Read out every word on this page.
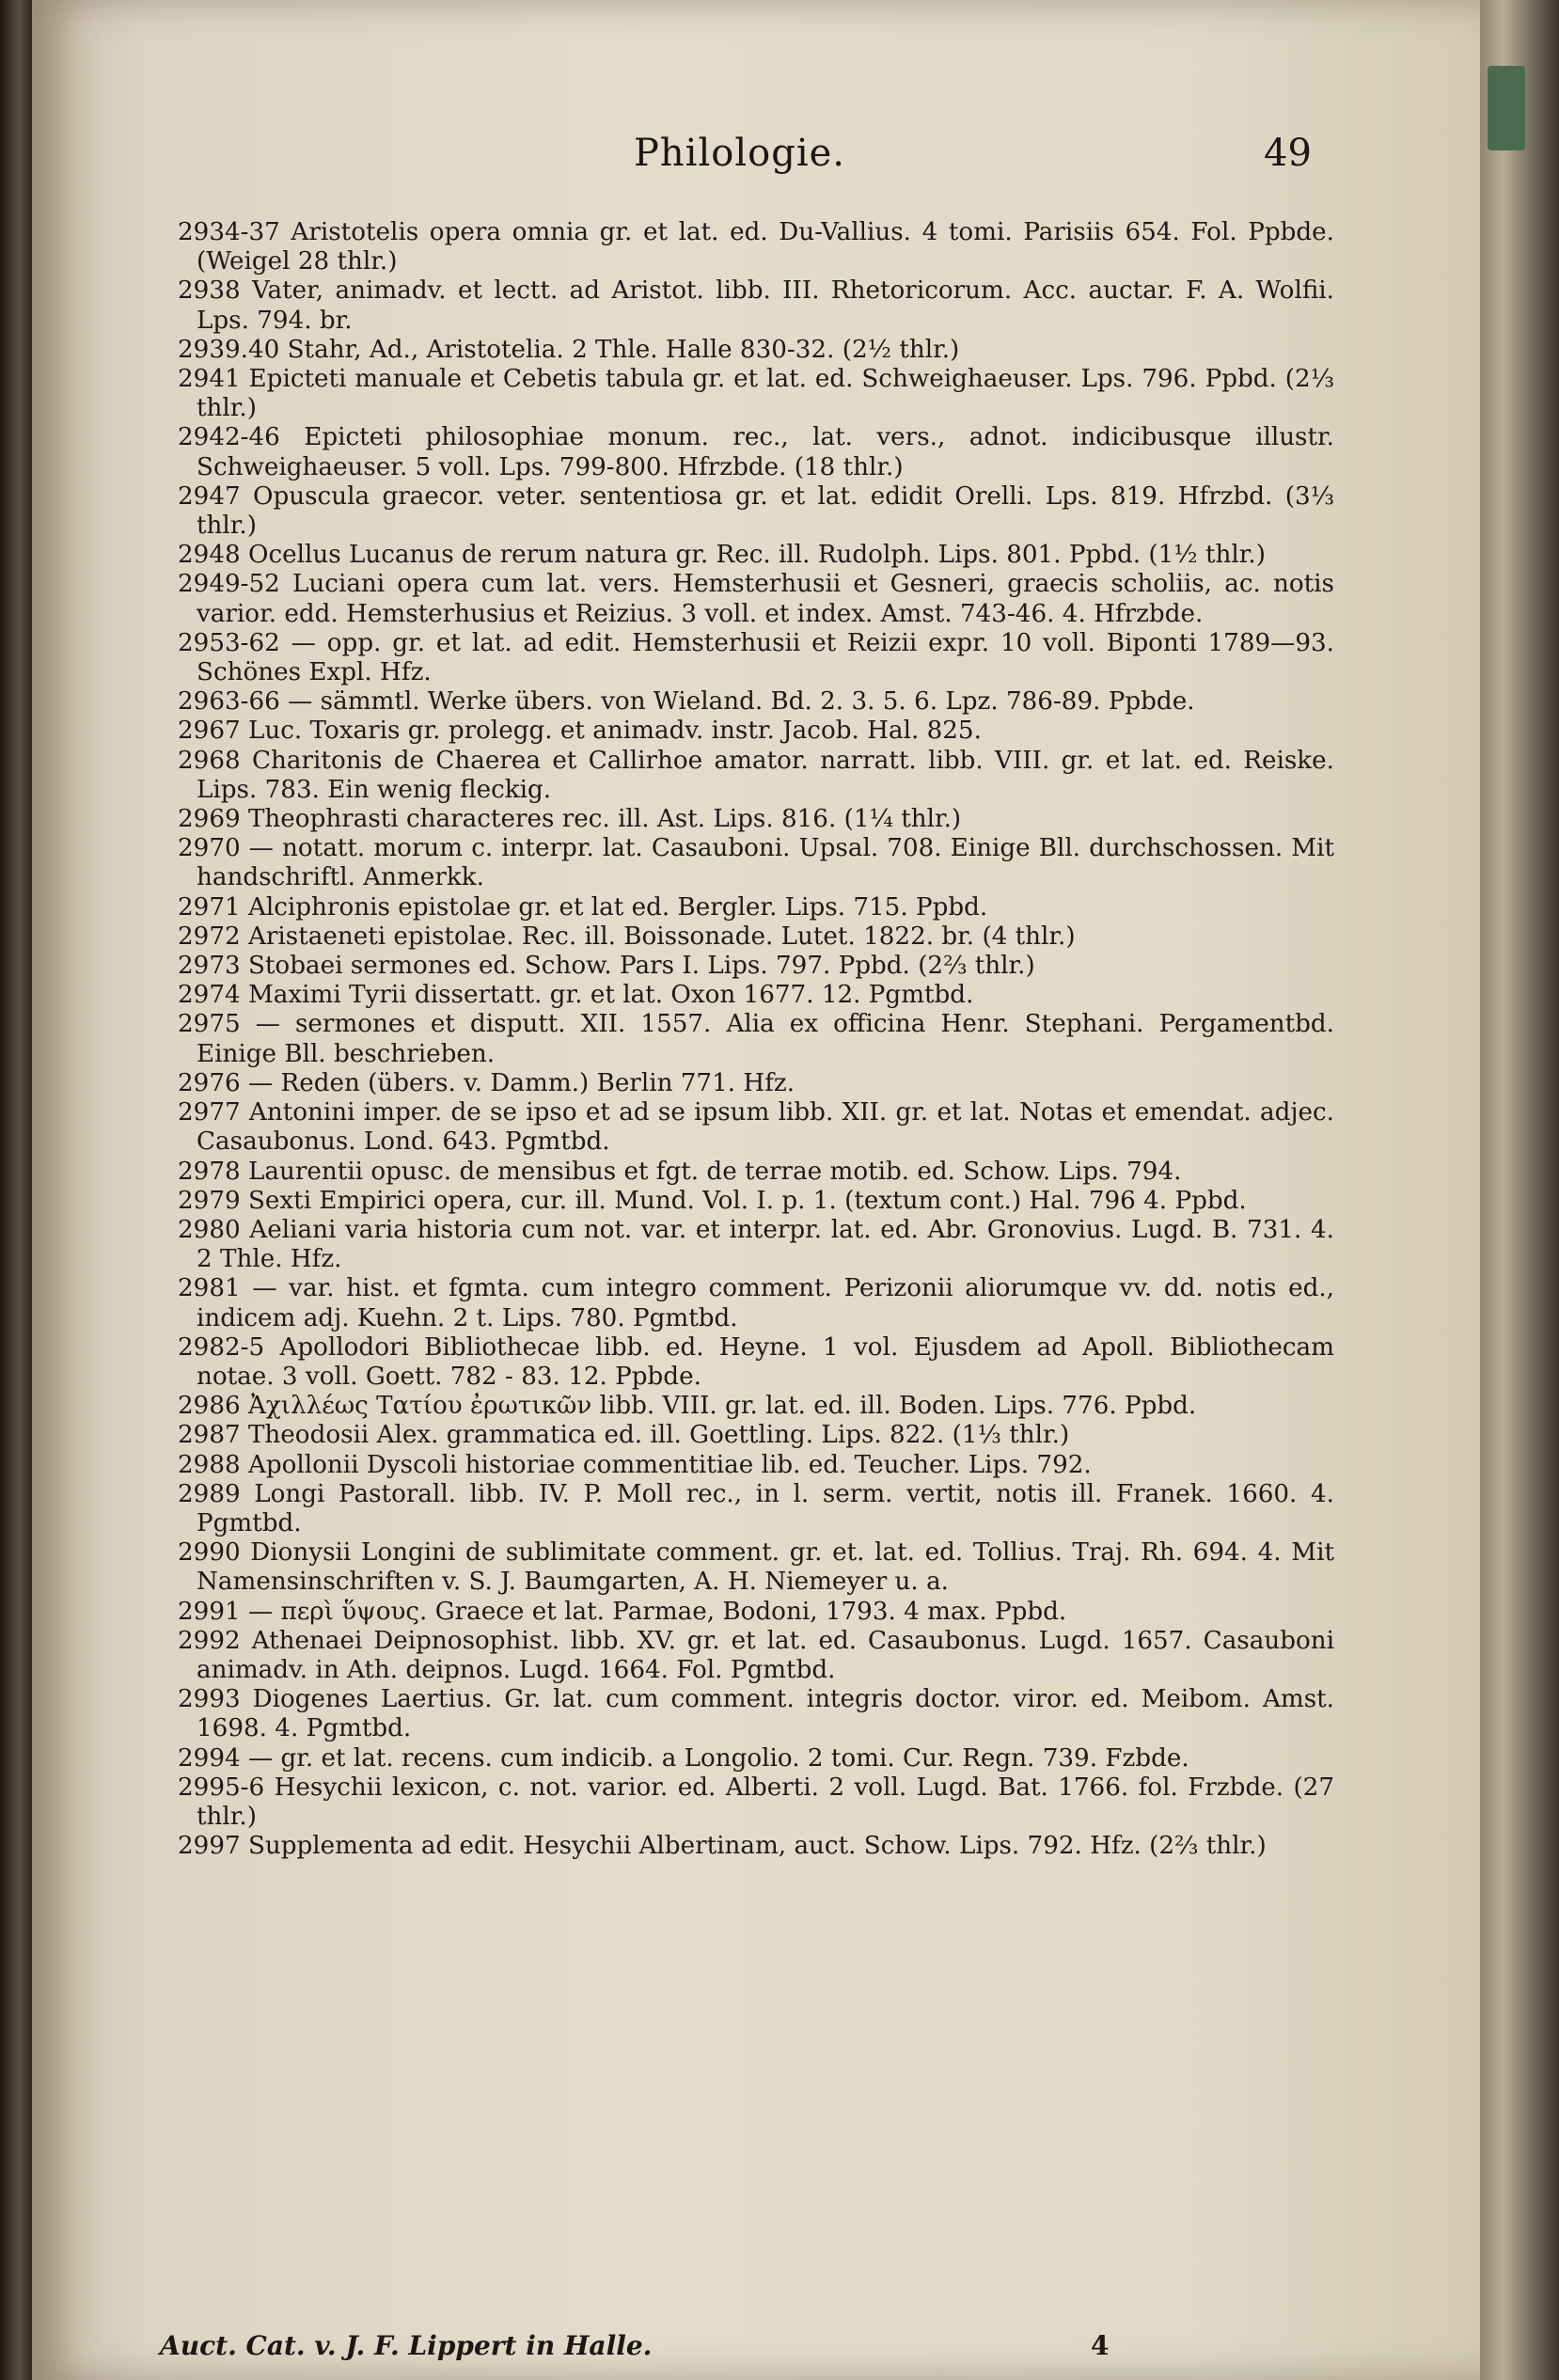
Philologie.	49
2934-37 Aristotelis opera omnia gr. et lat. ed. Du-Vallius. 4 tomi. Parisiis 654. Fol. Ppbde. (Weigel 28 thlr.)
2938 Vater, animadv. et lectt. ad Aristot. libb. III. Rhetoricorum. Acc. auctar. F. A. Wolfii. Lps. 794. br.
2939.40 Stahr, Ad., Aristotelia. 2 Thle. Halle 830-32. (2½ thlr.)
2941 Epicteti manuale et Cebetis tabula gr. et lat. ed. Schweighaeuser. Lps. 796. Ppbd. (2⅓ thlr.)
2942-46 Epicteti philosophiae monum. rec., lat. vers., adnot. indicibusque illustr. Schweighaeuser. 5 voll. Lps. 799-800. Hfrzbde. (18 thlr.)
2947 Opuscula graecor. veter. sententiosa gr. et lat. edidit Orelli. Lps. 819. Hfrzbd. (3⅓ thlr.)
2948 Ocellus Lucanus de rerum natura gr. Rec. ill. Rudolph. Lips. 801. Ppbd. (1½ thlr.)
2949-52 Luciani opera cum lat. vers. Hemsterhusii et Gesneri, graecis scholiis, ac. notis varior. edd. Hemsterhusius et Reizius. 3 voll. et index. Amst. 743-46. 4. Hfrzbde.
2953-62 — opp. gr. et lat. ad edit. Hemsterhusii et Reizii expr. 10 voll. Biponti 1789—93. Schönes Expl. Hfz.
2963-66 — sämmtl. Werke übers. von Wieland. Bd. 2. 3. 5. 6. Lpz. 786-89. Ppbde.
2967 Luc. Toxaris gr. prolegg. et animadv. instr. Jacob. Hal. 825.
2968 Charitonis de Chaerea et Callirhoe amator. narratt. libb. VIII. gr. et lat. ed. Reiske. Lips. 783. Ein wenig fleckig.
2969 Theophrasti characteres rec. ill. Ast. Lips. 816. (1¼ thlr.)
2970 — notatt. morum c. interpr. lat. Casauboni. Upsal. 708. Einige Bll. durchschossen. Mit handschriftl. Anmerkk.
2971 Alciphronis epistolae gr. et lat ed. Bergler. Lips. 715. Ppbd.
2972 Aristaeneti epistolae. Rec. ill. Boissonade. Lutet. 1822. br. (4 thlr.)
2973 Stobaei sermones ed. Schow. Pars I. Lips. 797. Ppbd. (2⅔ thlr.)
2974 Maximi Tyrii dissertatt. gr. et lat. Oxon 1677. 12. Pgmtbd.
2975 — sermones et disputt. XII. 1557. Alia ex officina Henr. Stephani. Pergamentbd. Einige Bll. beschrieben.
2976 — Reden (übers. v. Damm.) Berlin 771. Hfz.
2977 Antonini imper. de se ipso et ad se ipsum libb. XII. gr. et lat. Notas et emendat. adjec. Casaubonus. Lond. 643. Pgmtbd.
2978 Laurentii opusc. de mensibus et fgt. de terrae motib. ed. Schow. Lips. 794.
2979 Sexti Empirici opera, cur. ill. Mund. Vol. I. p. 1. (textum cont.) Hal. 796 4. Ppbd.
2980 Aeliani varia historia cum not. var. et interpr. lat. ed. Abr. Gronovius. Lugd. B. 731. 4. 2 Thle. Hfz.
2981 — var. hist. et fgmta. cum integro comment. Perizonii aliorumque vv. dd. notis ed., indicem adj. Kuehn. 2 t. Lips. 780. Pgmtbd.
2982-5 Apollodori Bibliothecae libb. ed. Heyne. 1 vol. Ejusdem ad Apoll. Bibliothecam notae. 3 voll. Goett. 782 - 83. 12. Ppbde.
2986 Ἀχιλλέως Τατίου ἐρωτικῶν libb. VIII. gr. lat. ed. ill. Boden. Lips. 776. Ppbd.
2987 Theodosii Alex. grammatica ed. ill. Goettling. Lips. 822. (1⅓ thlr.)
2988 Apollonii Dyscoli historiae commentitiae lib. ed. Teucher. Lips. 792.
2989 Longi Pastorall. libb. IV. P. Moll rec., in l. serm. vertit, notis ill. Franek. 1660. 4. Pgmtbd.
2990 Dionysii Longini de sublimitate comment. gr. et. lat. ed. Tollius. Traj. Rh. 694. 4. Mit Namensinschriften v. S. J. Baumgarten, A. H. Niemeyer u. a.
2991 — περὶ ὕψους. Graece et lat. Parmae, Bodoni, 1793. 4 max. Ppbd.
2992 Athenaei Deipnosophist. libb. XV. gr. et lat. ed. Casaubonus. Lugd. 1657. Casauboni animadv. in Ath. deipnos. Lugd. 1664. Fol. Pgmtbd.
2993 Diogenes Laertius. Gr. lat. cum comment. integris doctor. viror. ed. Meibom. Amst. 1698. 4. Pgmtbd.
2994 — gr. et lat. recens. cum indicib. a Longolio. 2 tomi. Cur. Regn. 739. Fzbde.
2995-6 Hesychii lexicon, c. not. varior. ed. Alberti. 2 voll. Lugd. Bat. 1766. fol. Frzbde. (27 thlr.)
2997 Supplementa ad edit. Hesychii Albertinam, auct. Schow. Lips. 792. Hfz. (2⅔ thlr.)
Auct. Cat. v. J. F. Lippert in Halle.	4
